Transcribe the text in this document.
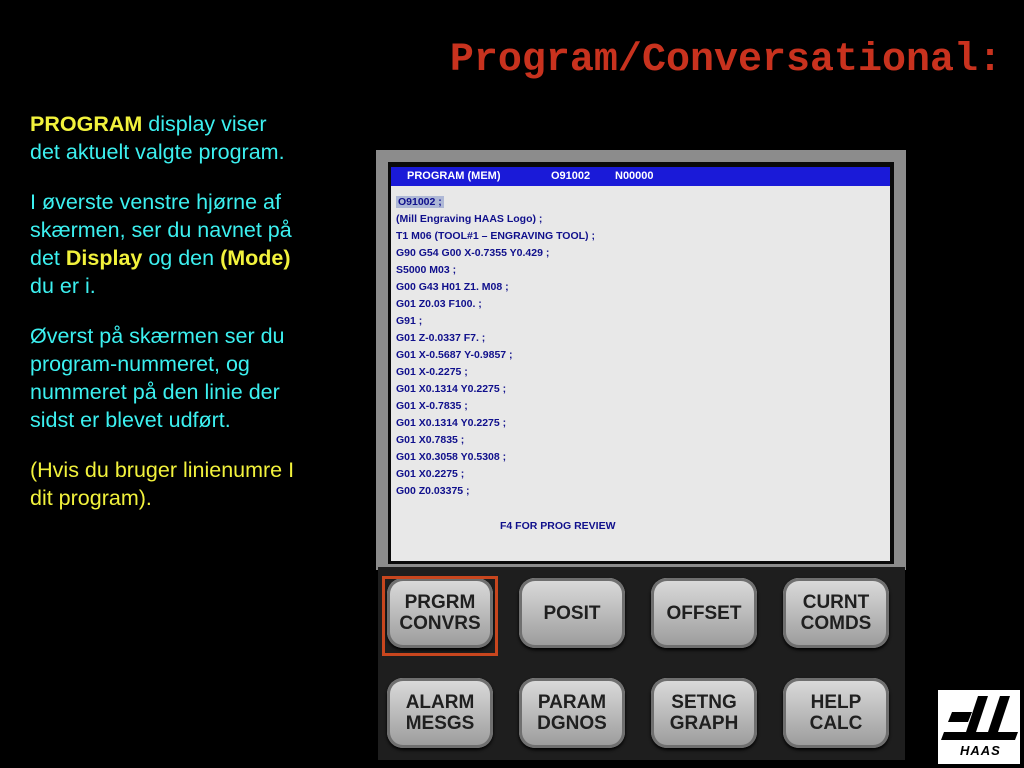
Program/Conversational:

PROGRAM display viser det aktuelt valgte program.

I øverste venstre hjørne af skærmen, ser du navnet på det Display og den (Mode) du er i.

Øverst på skærmen ser du program-nummeret, og nummeret på den linie der sidst er blevet udført.

(Hvis du bruger linienumre I dit program).

PROGRAM (MEM)	O91002 N00000
O91002 ;
(Mill Engraving HAAS Logo) ;
T1 M06 (TOOL#1 – ENGRAVING TOOL) ;
G90 G54 G00 X-0.7355 Y0.429 ;
S5000 M03 ;
G00 G43 H01 Z1. M08 ;
G01 Z0.03 F100. ;
G91 ;
G01 Z-0.0337 F7. ;
G01 X-0.5687 Y-0.9857 ;
G01 X-0.2275 ;
G01 X0.1314 Y0.2275 ;
G01 X-0.7835 ;
G01 X0.1314 Y0.2275 ;
G01 X0.7835 ;
G01 X0.3058 Y0.5308 ;
G01 X0.2275 ;
G00 Z0.03375 ;
F4 FOR PROG REVIEW
PRGRM
CONVRS	POSIT	OFFSET	CURNT
COMDS
ALARM
MESGS
PARAM
DGNOS
SETNG
GRAPH
HELP
CALC
HAAS
